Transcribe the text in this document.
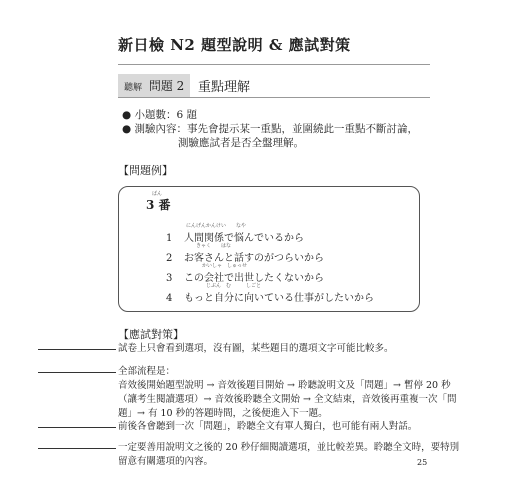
新日檢 N2 題型說明 & 應試對策
聽解 問題 2	重點理解
● 小題數：6 題
● 測驗內容：事先會提示某一重點，並圍繞此一重點不斷討論，
測驗應試者是否全盤理解。
【問題例】
ばん
3 番
にんげんかんけい　　なや
1 人間関係で悩んでいるから
きゃく　　はな
2 お客さんと話すのがつらいから
かいしゃ　しゅっせ
3 この会社で出世したくないから
じぶん　む　　　しごと
4 もっと自分に向いている仕事がしたいから
【應試對策】
試卷上只會看到選項，沒有圖，某些題目的選項文字可能比較多。
全部流程是：
音效後開始題型說明 → 音效後題目開始 → 聆聽說明文及「問題」→ 暫停 20 秒
（讓考生閱讀選項）→ 音效後聆聽全文開始 → 全文結束，音效後再重複一次「問
題」→ 有 10 秒的答題時間，之後便進入下一題。
前後各會聽到一次「問題」，聆聽全文有單人獨白，也可能有兩人對話。
一定要善用說明文之後的 20 秒仔細閱讀選項，並比較差異。聆聽全文時，要特別
留意有關選項的內容。	25
